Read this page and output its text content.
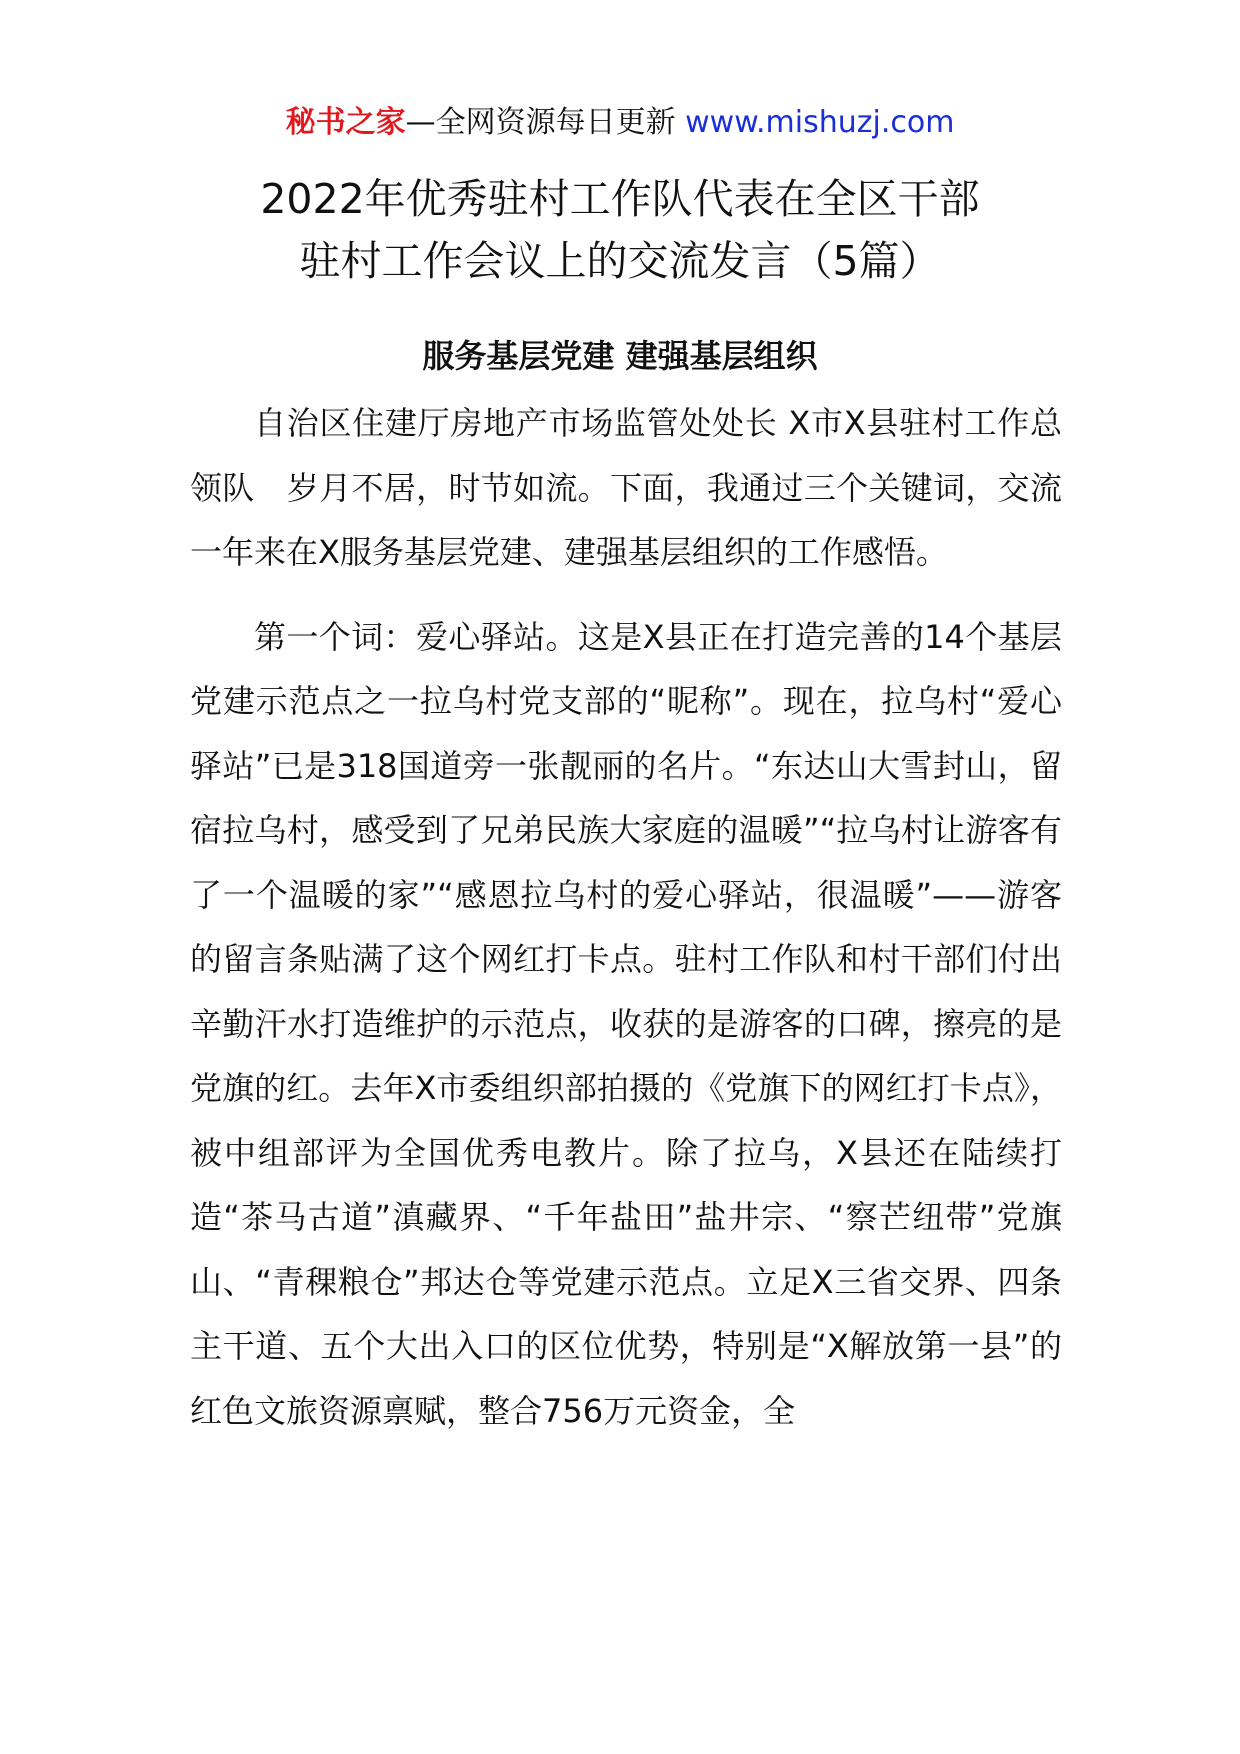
秘书之家—全网资源每日更新 www.mishuzj.com
2022年优秀驻村工作队代表在全区干部
驻村工作会议上的交流发言（5篇）
服务基层党建 建强基层组织

自治区住建厅房地产市场监管处处长 X市X县驻村工作总领队　岁月不居，时节如流。下面，我通过三个关键词，交流一年来在X服务基层党建、建强基层组织的工作感悟。

第一个词：爱心驿站。这是X县正在打造完善的14个基层党建示范点之一拉乌村党支部的“昵称”。现在，拉乌村“爱心驿站”已是318国道旁一张靓丽的名片。“东达山大雪封山，留宿拉乌村，感受到了兄弟民族大家庭的温暖”“拉乌村让游客有了一个温暖的家”“感恩拉乌村的爱心驿站，很温暖”——游客的留言条贴满了这个网红打卡点。驻村工作队和村干部们付出辛勤汗水打造维护的示范点，收获的是游客的口碑，擦亮的是党旗的红。去年X市委组织部拍摄的《党旗下的网红打卡点》，被中组部评为全国优秀电教片。除了拉乌，X县还在陆续打造“茶马古道”滇藏界、“千年盐田”盐井宗、“察芒纽带”党旗山、“青稞粮仓”邦达仓等党建示范点。立足X三省交界、四条主干道、五个大出入口的区位优势，特别是“X解放第一县”的红色文旅资源禀赋，整合756万元资金，全
